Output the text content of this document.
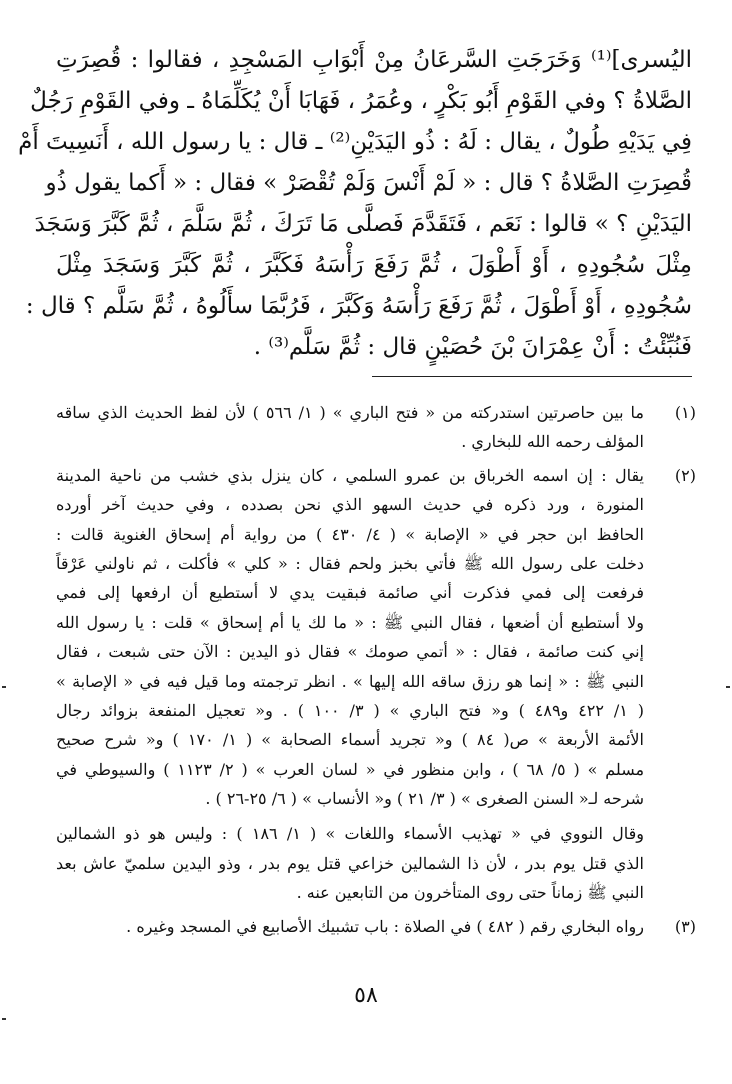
اليُسرى]⁽¹⁾ وَخَرَجَتِ السَّرعَانُ مِنْ أَبْوَابِ المَسْجِدِ ، فقالوا : قُصِرَتِ
الصَّلاةُ ؟ وفي القَوْمِ أَبُو بَكْرٍ ، وعُمَرُ ، فَهَابَا أَنْ يُكَلِّمَاهُ ـ وفي القَوْمِ رَجُلٌ
فِي يَدَيْهِ طُولٌ ، يقال : لَهُ : ذُو اليَدَيْنِ⁽²⁾ ـ قال : يا رسول الله ، أَنَسِيتَ أَمْ
قُصِرَتِ الصَّلاةُ ؟ قال : « لَمْ أَنْسَ وَلَمْ تُقْصَرْ » فقال : « أَكما يقول ذُو
اليَدَيْنِ ؟ » قالوا : نَعَم ، فَتَقَدَّمَ فَصلَّى مَا تَرَكَ ، ثُمَّ سَلَّمَ ، ثُمَّ كَبَّرَ وَسَجَدَ
مِثْلَ سُجُودِهِ ، أَوْ أَطْوَلَ ، ثُمَّ رَفَعَ رَأْسَهُ فَكَبَّرَ ، ثُمَّ كَبَّرَ وَسَجَدَ مِثْلَ
سُجُودِهِ ، أَوْ أَطْوَلَ ، ثُمَّ رَفَعَ رَأْسَهُ وَكَبَّرَ ، فَرُبَّمَا سأَلُوهُ ، ثُمَّ سَلَّم ؟ قال :
فَنُبِّئْتُ : أَنْ عِمْرَانَ بْنَ حُصَيْنٍ قال : ثُمَّ سَلَّم⁽³⁾ .
(١)
ما بين حاصرتين استدركته من « فتح الباري » ( ١/ ٥٦٦ ) لأن لفظ الحديث الذي ساقه
المؤلف رحمه الله للبخاري .
(٢)
يقال : إن اسمه الخرباق بن عمرو السلمي ، كان ينزل بذي خشب من ناحية المدينة
المنورة ، ورد ذكره في حديث السهو الذي نحن بصدده ، وفي حديث آخر أورده
الحافظ ابن حجر في « الإصابة » ( ٤/ ٤٣٠ ) من رواية أم إسحاق الغنوية قالت :
دخلت على رسول الله ﷺ فأتي بخبز ولحم فقال : « كلي » فأكلت ، ثم ناولني عَرْقاً
فرفعت إلى فمي فذكرت أني صائمة فبقيت يدي لا أستطيع أن ارفعها إلى فمي
ولا أستطيع أن أضعها ، فقال النبي ﷺ : « ما لك يا أم إسحاق » قلت : يا رسول الله
إني كنت صائمة ، فقال : « أتمي صومك » فقال ذو اليدين : الآن حتى شبعت ، فقال
النبي ﷺ : « إنما هو رزق ساقه الله إليها » . انظر ترجمته وما قيل فيه في « الإصابة »
( ١/ ٤٢٢ و٤٨٩ ) و« فتح الباري » ( ٣/ ١٠٠ ) . و« تعجيل المنفعة بزوائد رجال
الأئمة الأربعة » ص( ٨٤ ) و« تجريد أسماء الصحابة » ( ١/ ١٧٠ ) و« شرح صحيح
مسلم » ( ٥/ ٦٨ ) ، وابن منظور في « لسان العرب » ( ٢/ ١١٢٣ ) والسيوطي في
شرحه لـ« السنن الصغرى » ( ٣/ ٢١ ) و« الأنساب » ( ٦/ ٢٥-٢٦ ) .
وقال النووي في « تهذيب الأسماء واللغات » ( ١/ ١٨٦ ) : وليس هو ذو الشمالين
الذي قتل يوم بدر ، لأن ذا الشمالين خزاعي قتل يوم بدر ، وذو اليدين سلميّ عاش بعد
النبي ﷺ زماناً حتى روى المتأخرون من التابعين عنه .
(٣)
رواه البخاري رقم ( ٤٨٢ ) في الصلاة : باب تشبيك الأصابيع في المسجد وغيره .
٥٨
